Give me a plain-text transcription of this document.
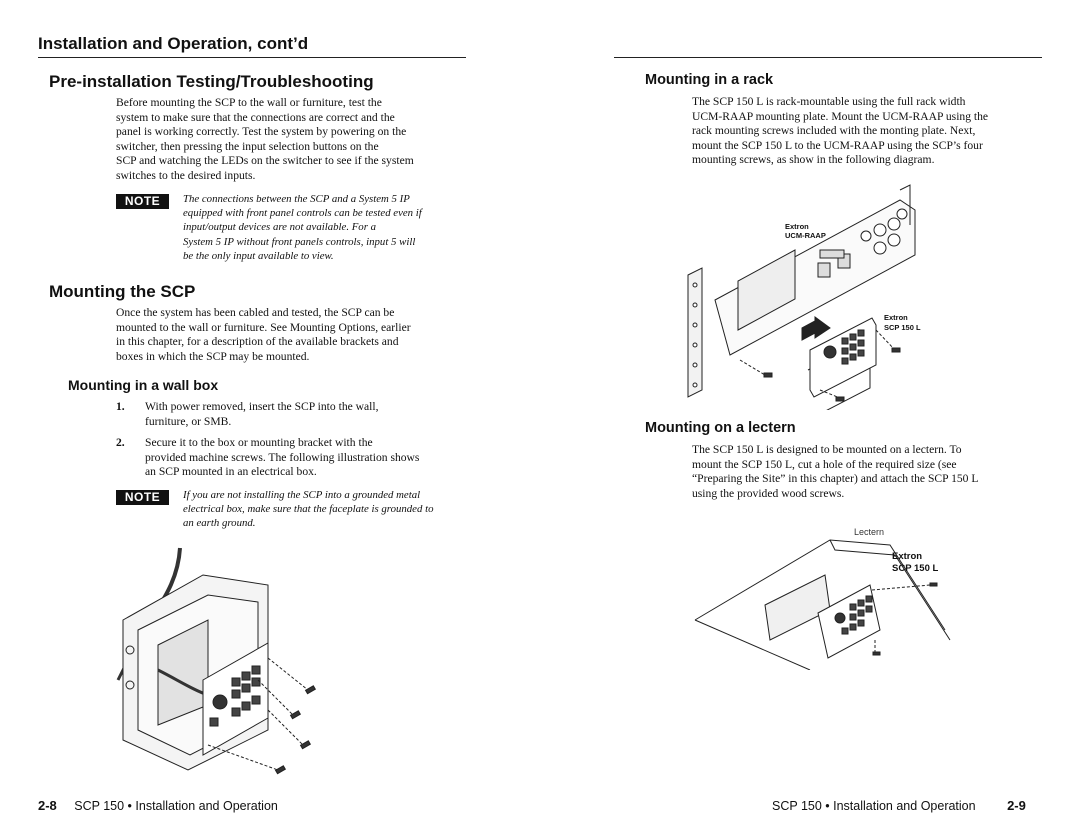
Installation and Operation, cont’d
Pre-installation Testing/Troubleshooting
Before mounting the SCP to the wall or furniture, test the
system to make sure that the connections are correct and the
panel is working correctly. Test the system by powering on the
switcher, then pressing the input selection buttons on the
SCP and watching the LEDs on the switcher to see if the system
switches to the desired inputs.
NOTE	The connections between the SCP and a System 5 IP
equipped with front panel controls can be tested even if
input/output devices are not available. For a
System 5 IP without front panels controls, input 5 will
be the only input available to view.
Mounting the SCP
Once the system has been cabled and tested, the SCP can be
mounted to the wall or furniture. See Mounting Options, earlier
in this chapter, for a description of the available brackets and
boxes in which the SCP may be mounted.
Mounting in a wall box
1. With power removed, insert the SCP into the wall,
furniture, or SMB.
2. Secure it to the box or mounting bracket with the
provided machine screws. The following illustration shows
an SCP mounted in an electrical box.
NOTE	If you are not installing the SCP into a grounded metal
electrical box, make sure that the faceplate is grounded to
an earth ground.
2-8 SCP 150 • Installation and Operation
Mounting in a rack
The SCP 150 L is rack-mountable using the full rack width
UCM-RAAP mounting plate. Mount the UCM-RAAP using the
rack mounting screws included with the monting plate. Next,
mount the SCP 150 L to the UCM-RAAP using the SCP’s four
mounting screws, as show in the following diagram.
Extron
UCM-RAAP
Extron
SCP 150 L
Mounting on a lectern
The SCP 150 L is designed to be mounted on a lectern. To
mount the SCP 150 L, cut a hole of the required size (see
“Preparing the Site” in this chapter) and attach the SCP 150 L
using the provided wood screws.
Lectern
Extron
SCP 150 L
SCP 150 • Installation and Operation 2-9
